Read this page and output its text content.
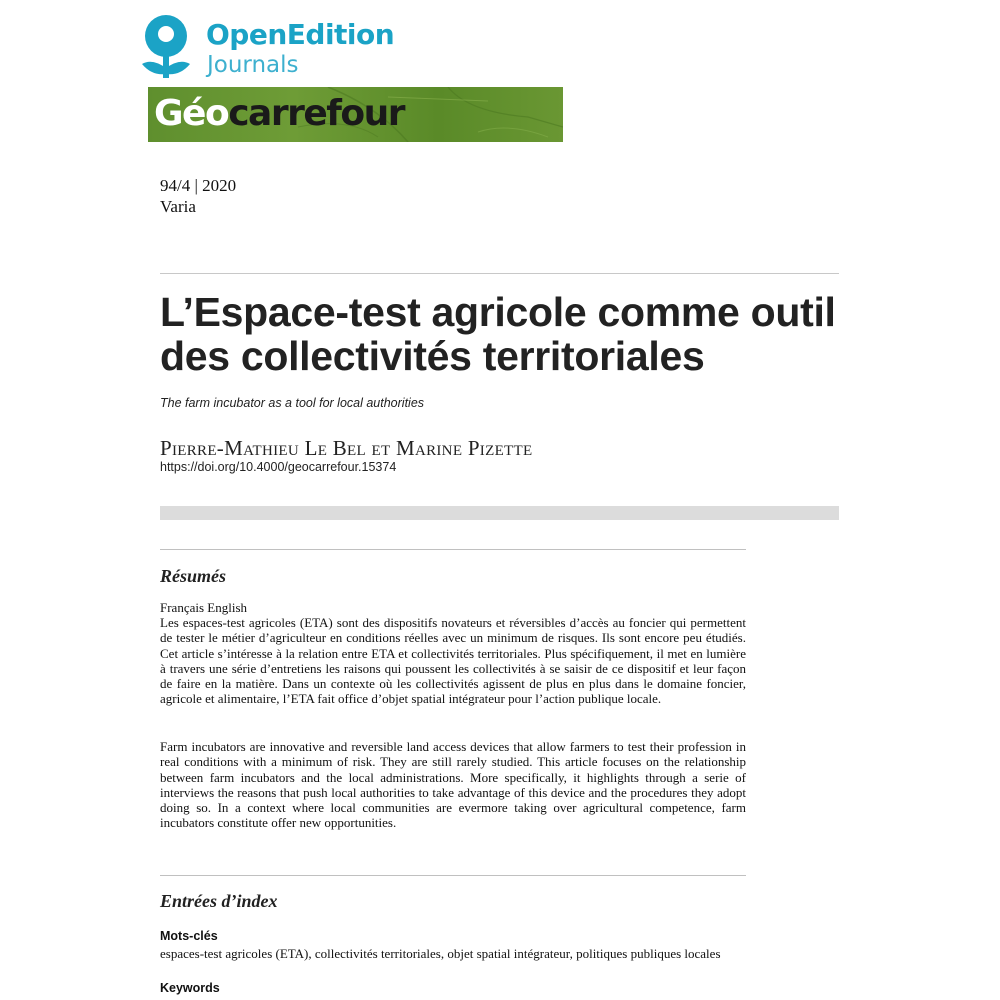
OpenEdition
Journals
Géocarrefour
94/4 | 2020
Varia
L’Espace-test agricole comme outil des collectivités territoriales
The farm incubator as a tool for local authorities
Pierre-Mathieu Le Bel et Marine Pizette
https://doi.org/10.4000/geocarrefour.15374
Résumés
Français English
Les espaces-test agricoles (ETA) sont des dispositifs novateurs et réversibles d’accès au foncier qui permettent de tester le métier d’agriculteur en conditions réelles avec un minimum de risques. Ils sont encore peu étudiés. Cet article s’intéresse à la relation entre ETA et collectivités territoriales. Plus spécifiquement, il met en lumière à travers une série d’entretiens les raisons qui poussent les collectivités à se saisir de ce dispositif et leur façon de faire en la matière. Dans un contexte où les collectivités agissent de plus en plus dans le domaine foncier, agricole et alimentaire, l’ETA fait office d’objet spatial intégrateur pour l’action publique locale.
Farm incubators are innovative and reversible land access devices that allow farmers to test their profession in real conditions with a minimum of risk. They are still rarely studied. This article focuses on the relationship between farm incubators and the local administrations. More specifically, it highlights through a serie of interviews the reasons that push local authorities to take advantage of this device and the procedures they adopt doing so. In a context where local communities are evermore taking over agricultural competence, farm incubators constitute offer new opportunities.
Entrées d’index
Mots-clés
espaces-test agricoles (ETA), collectivités territoriales, objet spatial intégrateur, politiques publiques locales
Keywords
